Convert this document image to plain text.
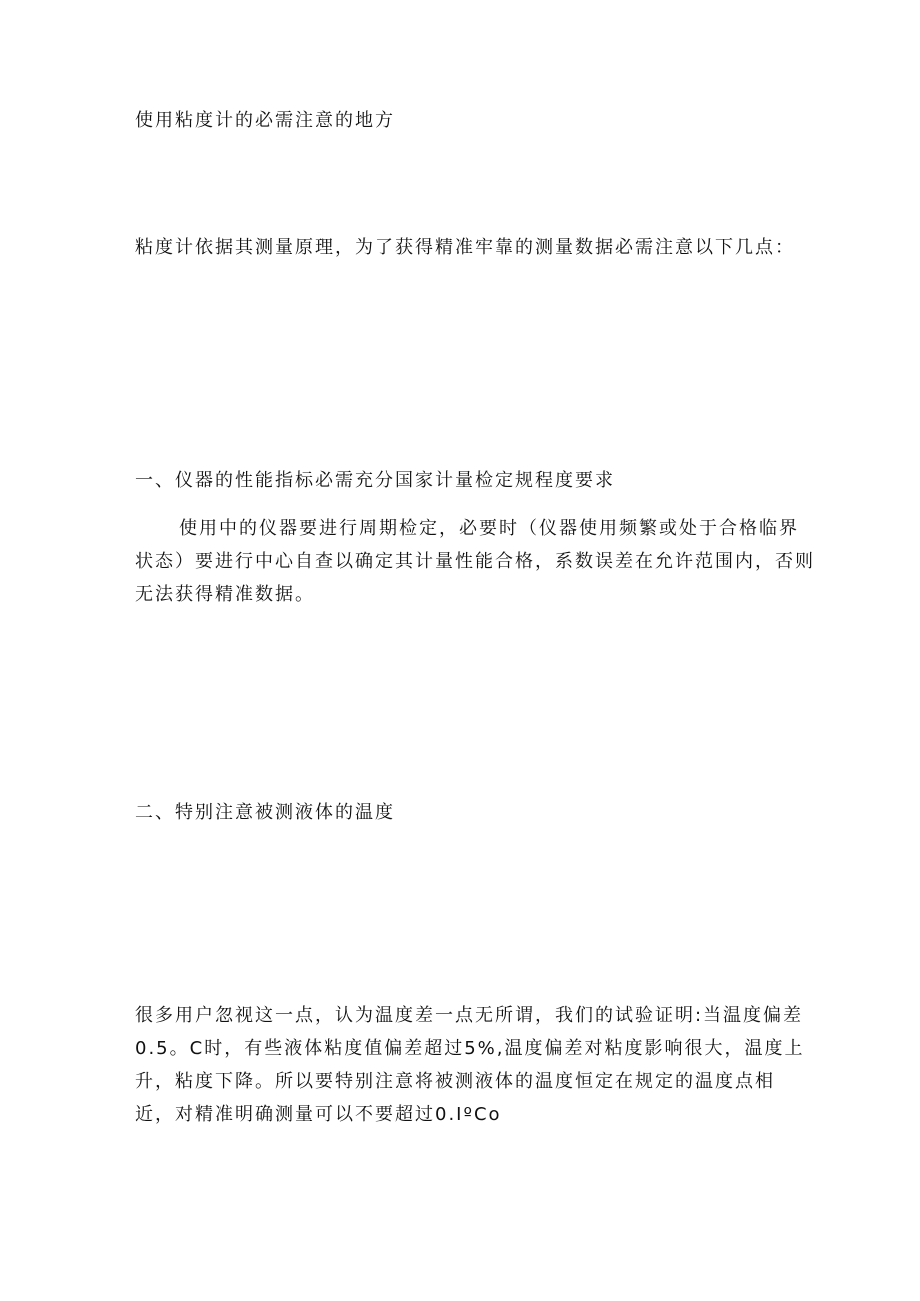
使用粘度计的必需注意的地方

粘度计依据其测量原理，为了获得精准牢靠的测量数据必需注意以下几点：

一、仪器的性能指标必需充分国家计量检定规程度要求

使用中的仪器要进行周期检定，必要时（仪器使用频繁或处于合格临界状态）要进行中心自查以确定其计量性能合格，系数误差在允许范围内，否则无法获得精准数据。

二、特别注意被测液体的温度

很多用户忽视这一点，认为温度差一点无所谓，我们的试验证明:当温度偏差0.5。C时，有些液体粘度值偏差超过5%,温度偏差对粘度影响很大，温度上升，粘度下降。所以要特别注意将被测液体的温度恒定在规定的温度点相近，对精准明确测量可以不要超过0.IºCo
